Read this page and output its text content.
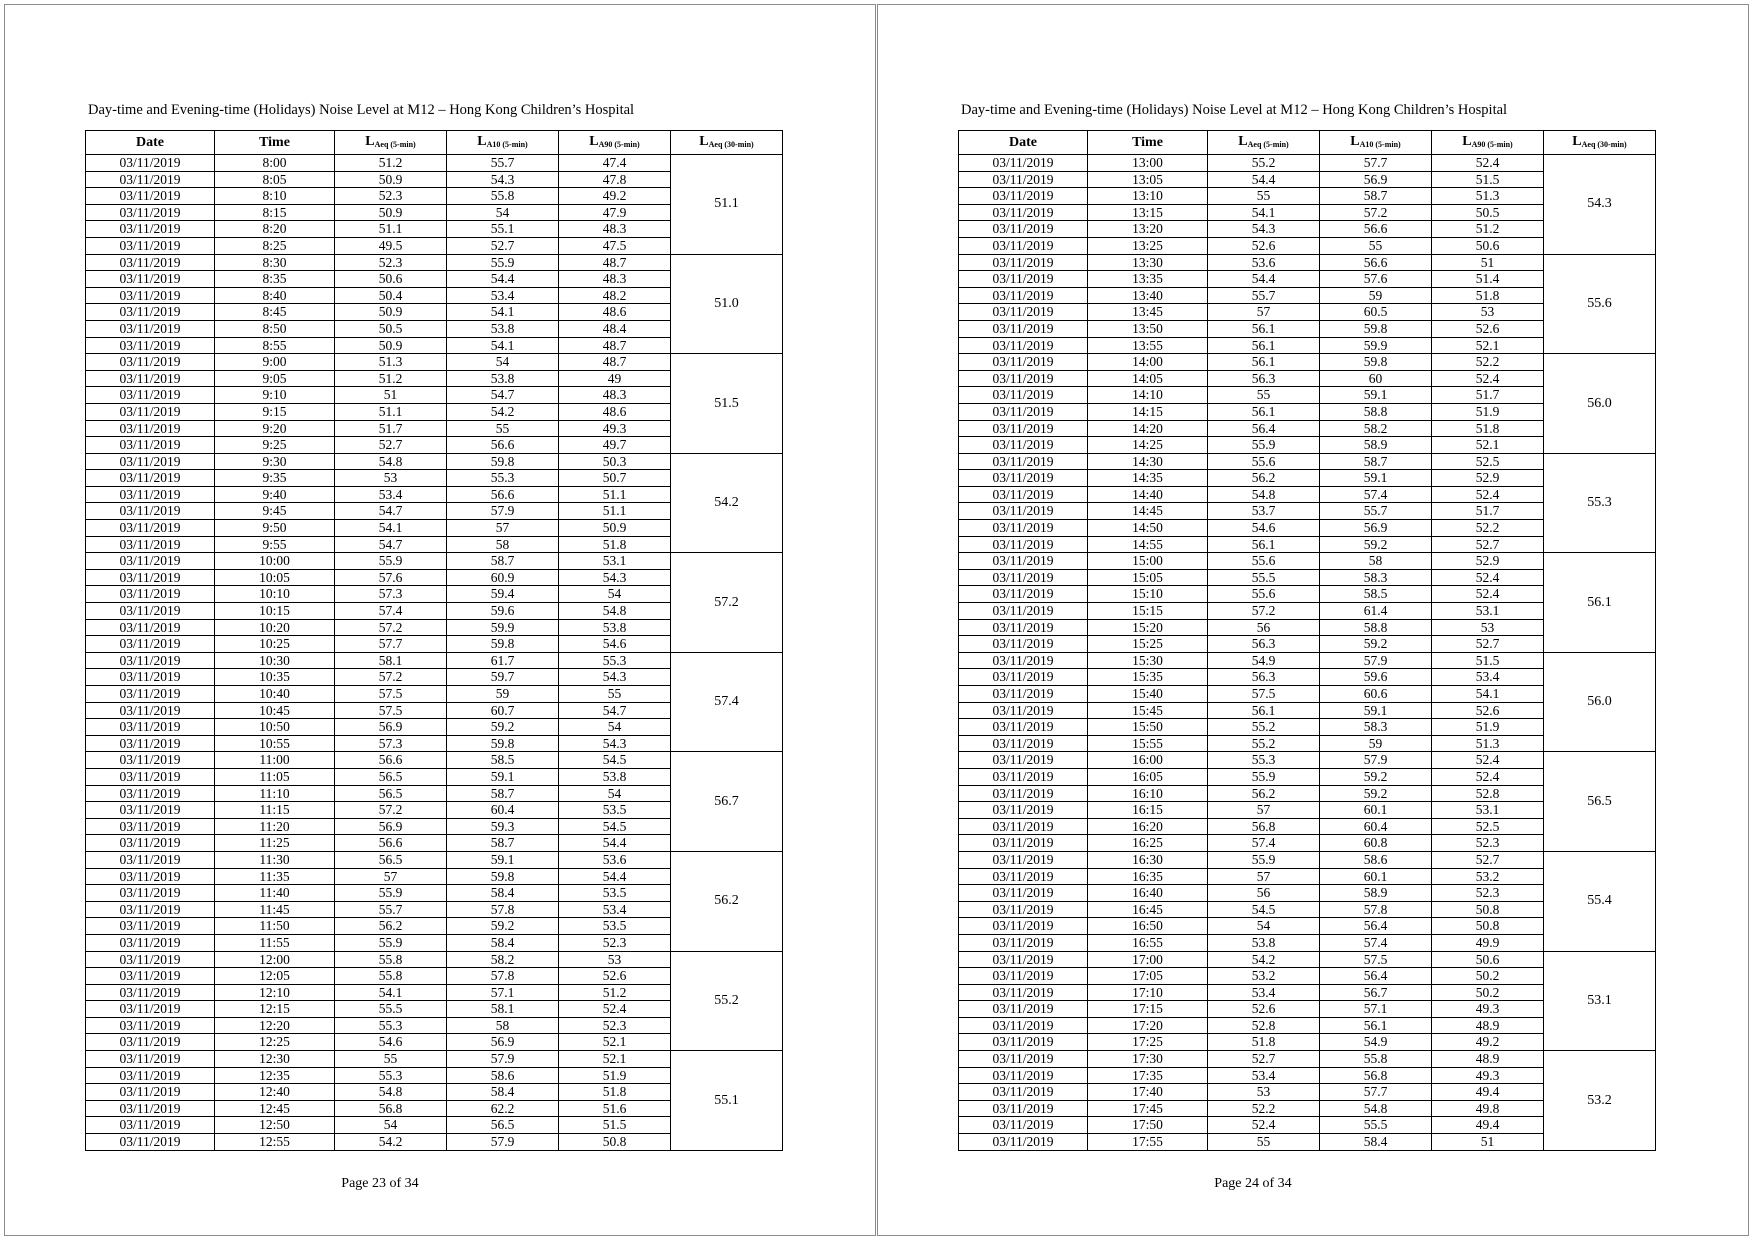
Day-time and Evening-time (Holidays) Noise Level at M12 – Hong Kong Children’s Hospital
Date	Time	$L_{Aeq (5-min)}$	$L_{A10 (5-min)}$	$L_{A90 (5-min)}$	$L_{Aeq (30-min)}$
03/11/2019	8:00	51.2	55.7	47.4	51.1
03/11/2019	8:05	50.9	54.3	47.8	
03/11/2019	8:10	52.3	55.8	49.2	
03/11/2019	8:15	50.9	54	47.9	
03/11/2019	8:20	51.1	55.1	48.3	
03/11/2019	8:25	49.5	52.7	47.5	
03/11/2019	8:30	52.3	55.9	48.7	51.0
03/11/2019	8:35	50.6	54.4	48.3	
03/11/2019	8:40	50.4	53.4	48.2	
03/11/2019	8:45	50.9	54.1	48.6	
03/11/2019	8:50	50.5	53.8	48.4	
03/11/2019	8:55	50.9	54.1	48.7	
03/11/2019	9:00	51.3	54	48.7	51.5
03/11/2019	9:05	51.2	53.8	49	
03/11/2019	9:10	51	54.7	48.3	
03/11/2019	9:15	51.1	54.2	48.6	
03/11/2019	9:20	51.7	55	49.3	
03/11/2019	9:25	52.7	56.6	49.7	
03/11/2019	9:30	54.8	59.8	50.3	54.2
03/11/2019	9:35	53	55.3	50.7	
03/11/2019	9:40	53.4	56.6	51.1	
03/11/2019	9:45	54.7	57.9	51.1	
03/11/2019	9:50	54.1	57	50.9	
03/11/2019	9:55	54.7	58	51.8	
03/11/2019	10:00	55.9	58.7	53.1	57.2
03/11/2019	10:05	57.6	60.9	54.3	
03/11/2019	10:10	57.3	59.4	54	
03/11/2019	10:15	57.4	59.6	54.8	
03/11/2019	10:20	57.2	59.9	53.8	
03/11/2019	10:25	57.7	59.8	54.6	
03/11/2019	10:30	58.1	61.7	55.3	57.4
03/11/2019	10:35	57.2	59.7	54.3	
03/11/2019	10:40	57.5	59	55	
03/11/2019	10:45	57.5	60.7	54.7	
03/11/2019	10:50	56.9	59.2	54	
03/11/2019	10:55	57.3	59.8	54.3	
03/11/2019	11:00	56.6	58.5	54.5	56.7
03/11/2019	11:05	56.5	59.1	53.8	
03/11/2019	11:10	56.5	58.7	54	
03/11/2019	11:15	57.2	60.4	53.5	
03/11/2019	11:20	56.9	59.3	54.5	
03/11/2019	11:25	56.6	58.7	54.4	
03/11/2019	11:30	56.5	59.1	53.6	56.2
03/11/2019	11:35	57	59.8	54.4	
03/11/2019	11:40	55.9	58.4	53.5	
03/11/2019	11:45	55.7	57.8	53.4	
03/11/2019	11:50	56.2	59.2	53.5	
03/11/2019	11:55	55.9	58.4	52.3	
03/11/2019	12:00	55.8	58.2	53	55.2
03/11/2019	12:05	55.8	57.8	52.6	
03/11/2019	12:10	54.1	57.1	51.2	
03/11/2019	12:15	55.5	58.1	52.4	
03/11/2019	12:20	55.3	58	52.3	
03/11/2019	12:25	54.6	56.9	52.1	
03/11/2019	12:30	55	57.9	52.1	55.1
03/11/2019	12:35	55.3	58.6	51.9	
03/11/2019	12:40	54.8	58.4	51.8	
03/11/2019	12:45	56.8	62.2	51.6	
03/11/2019	12:50	54	56.5	51.5	
03/11/2019	12:55	54.2	57.9	50.8	
Page 23 of 34
Day-time and Evening-time (Holidays) Noise Level at M12 – Hong Kong Children’s Hospital
Date	Time	$L_{Aeq (5-min)}$	$L_{A10 (5-min)}$	$L_{A90 (5-min)}$	$L_{Aeq (30-min)}$
03/11/2019	13:00	55.2	57.7	52.4	54.3
03/11/2019	13:05	54.4	56.9	51.5	
03/11/2019	13:10	55	58.7	51.3	
03/11/2019	13:15	54.1	57.2	50.5	
03/11/2019	13:20	54.3	56.6	51.2	
03/11/2019	13:25	52.6	55	50.6	
03/11/2019	13:30	53.6	56.6	51	55.6
03/11/2019	13:35	54.4	57.6	51.4	
03/11/2019	13:40	55.7	59	51.8	
03/11/2019	13:45	57	60.5	53	
03/11/2019	13:50	56.1	59.8	52.6	
03/11/2019	13:55	56.1	59.9	52.1	
03/11/2019	14:00	56.1	59.8	52.2	56.0
03/11/2019	14:05	56.3	60	52.4	
03/11/2019	14:10	55	59.1	51.7	
03/11/2019	14:15	56.1	58.8	51.9	
03/11/2019	14:20	56.4	58.2	51.8	
03/11/2019	14:25	55.9	58.9	52.1	
03/11/2019	14:30	55.6	58.7	52.5	55.3
03/11/2019	14:35	56.2	59.1	52.9	
03/11/2019	14:40	54.8	57.4	52.4	
03/11/2019	14:45	53.7	55.7	51.7	
03/11/2019	14:50	54.6	56.9	52.2	
03/11/2019	14:55	56.1	59.2	52.7	
03/11/2019	15:00	55.6	58	52.9	56.1
03/11/2019	15:05	55.5	58.3	52.4	
03/11/2019	15:10	55.6	58.5	52.4	
03/11/2019	15:15	57.2	61.4	53.1	
03/11/2019	15:20	56	58.8	53	
03/11/2019	15:25	56.3	59.2	52.7	
03/11/2019	15:30	54.9	57.9	51.5	56.0
03/11/2019	15:35	56.3	59.6	53.4	
03/11/2019	15:40	57.5	60.6	54.1	
03/11/2019	15:45	56.1	59.1	52.6	
03/11/2019	15:50	55.2	58.3	51.9	
03/11/2019	15:55	55.2	59	51.3	
03/11/2019	16:00	55.3	57.9	52.4	56.5
03/11/2019	16:05	55.9	59.2	52.4	
03/11/2019	16:10	56.2	59.2	52.8	
03/11/2019	16:15	57	60.1	53.1	
03/11/2019	16:20	56.8	60.4	52.5	
03/11/2019	16:25	57.4	60.8	52.3	
03/11/2019	16:30	55.9	58.6	52.7	55.4
03/11/2019	16:35	57	60.1	53.2	
03/11/2019	16:40	56	58.9	52.3	
03/11/2019	16:45	54.5	57.8	50.8	
03/11/2019	16:50	54	56.4	50.8	
03/11/2019	16:55	53.8	57.4	49.9	
03/11/2019	17:00	54.2	57.5	50.6	53.1
03/11/2019	17:05	53.2	56.4	50.2	
03/11/2019	17:10	53.4	56.7	50.2	
03/11/2019	17:15	52.6	57.1	49.3	
03/11/2019	17:20	52.8	56.1	48.9	
03/11/2019	17:25	51.8	54.9	49.2	
03/11/2019	17:30	52.7	55.8	48.9	53.2
03/11/2019	17:35	53.4	56.8	49.3	
03/11/2019	17:40	53	57.7	49.4	
03/11/2019	17:45	52.2	54.8	49.8	
03/11/2019	17:50	52.4	55.5	49.4	
03/11/2019	17:55	55	58.4	51	
Page 24 of 34
